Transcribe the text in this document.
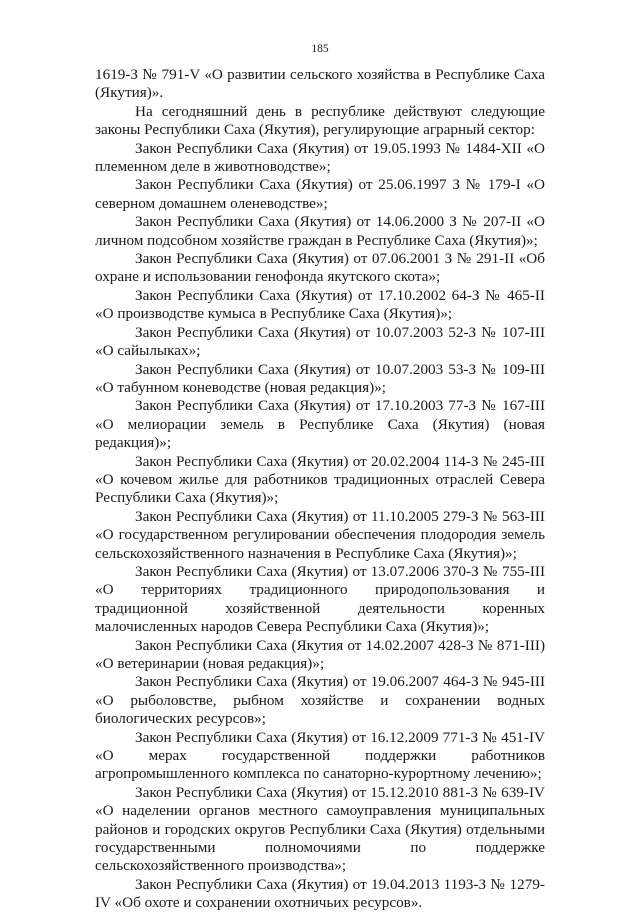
185

1619-З № 791-V «О развитии сельского хозяйства в Республике Саха (Якутия)».

На сегодняшний день в республике действуют следующие законы Республики Саха (Якутия), регулирующие аграрный сектор:

Закон Республики Саха (Якутия) от 19.05.1993 № 1484-XII «О племенном деле в животноводстве»;

Закон Республики Саха (Якутия) от 25.06.1997 З № 179-I «О северном домашнем оленеводстве»;

Закон Республики Саха (Якутия) от 14.06.2000 З № 207-II «О личном подсобном хозяйстве граждан в Республике Саха (Якутия)»;

Закон Республики Саха (Якутия) от 07.06.2001 З № 291-II «Об охране и использовании генофонда якутского скота»;

Закон Республики Саха (Якутия) от 17.10.2002 64-З № 465-II «О производстве кумыса в Республике Саха (Якутия)»;

Закон Республики Саха (Якутия) от 10.07.2003 52-З № 107-III «О сайылыках»;

Закон Республики Саха (Якутия) от 10.07.2003 53-З № 109-III «О табунном коневодстве (новая редакция)»;

Закон Республики Саха (Якутия) от 17.10.2003 77-З № 167-III «О мелиорации земель в Республике Саха (Якутия) (новая редакция)»;

Закон Республики Саха (Якутия) от 20.02.2004 114-З № 245-III «О кочевом жилье для работников традиционных отраслей Севера Республики Саха (Якутия)»;

Закон Республики Саха (Якутия) от 11.10.2005 279-З № 563-III «О государственном регулировании обеспечения плодородия земель сельскохозяйственного назначения в Республике Саха (Якутия)»;

Закон Республики Саха (Якутия) от 13.07.2006 370-З № 755-III «О территориях традиционного природопользования и традиционной хозяйственной деятельности коренных малочисленных народов Севера Республики Саха (Якутия)»;

Закон Республики Саха (Якутия от 14.02.2007 428-З № 871-III) «О ветеринарии (новая редакция)»;

Закон Республики Саха (Якутия) от 19.06.2007 464-З № 945-III «О рыболовстве, рыбном хозяйстве и сохранении водных биологических ресурсов»;

Закон Республики Саха (Якутия) от 16.12.2009 771-З № 451-IV «О мерах государственной поддержки работников агропромышленного комплекса по санаторно-курортному лечению»;

Закон Республики Саха (Якутия) от 15.12.2010 881-З № 639-IV «О наделении органов местного самоуправления муниципальных районов и городских округов Республики Саха (Якутия) отдельными государственными полномочиями по поддержке сельскохозяйственного производства»;

Закон Республики Саха (Якутия) от 19.04.2013 1193-З № 1279-IV «Об охоте и сохранении охотничьих ресурсов».
